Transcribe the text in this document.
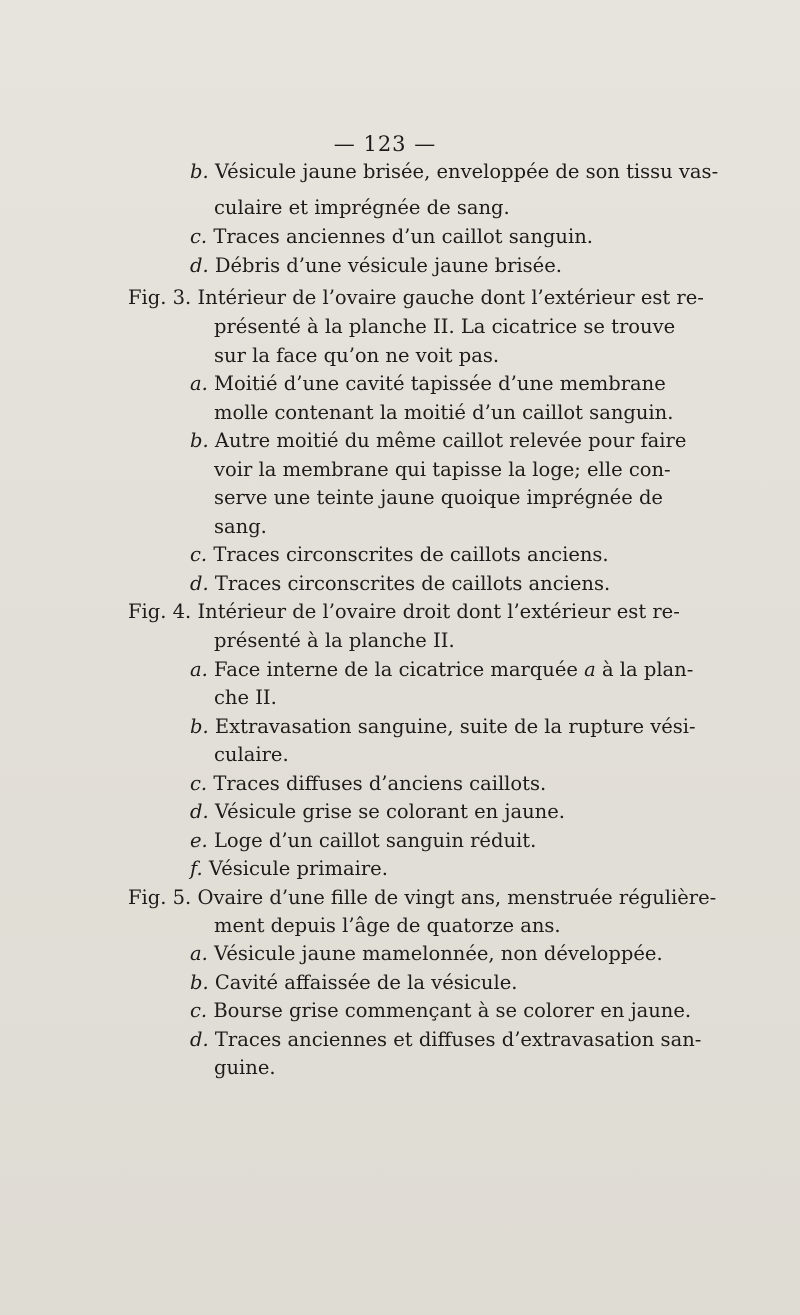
— 123 —
b. Vésicule jaune brisée, enveloppée de son tissu vas-
culaire et imprégnée de sang.
c. Traces anciennes d’un caillot sanguin.
d. Débris d’une vésicule jaune brisée.
Fig. 3. Intérieur de l’ovaire gauche dont l’extérieur est re-
présenté à la planche II. La cicatrice se trouve
sur la face qu’on ne voit pas.
a. Moitié d’une cavité tapissée d’une membrane
molle contenant la moitié d’un caillot sanguin.
b. Autre moitié du même caillot relevée pour faire
voir la membrane qui tapisse la loge; elle con-
serve une teinte jaune quoique imprégnée de
sang.
c. Traces circonscrites de caillots anciens.
d. Traces circonscrites de caillots anciens.
Fig. 4. Intérieur de l’ovaire droit dont l’extérieur est re-
présenté à la planche II.
a. Face interne de la cicatrice marquée a à la plan-
che II.
b. Extravasation sanguine, suite de la rupture vési-
culaire.
c. Traces diffuses d’anciens caillots.
d. Vésicule grise se colorant en jaune.
e. Loge d’un caillot sanguin réduit.
f. Vésicule primaire.
Fig. 5. Ovaire d’une fille de vingt ans, menstruée régulière-
ment depuis l’âge de quatorze ans.
a. Vésicule jaune mamelonnée, non développée.
b. Cavité affaissée de la vésicule.
c. Bourse grise commençant à se colorer en jaune.
d. Traces anciennes et diffuses d’extravasation san-
guine.
